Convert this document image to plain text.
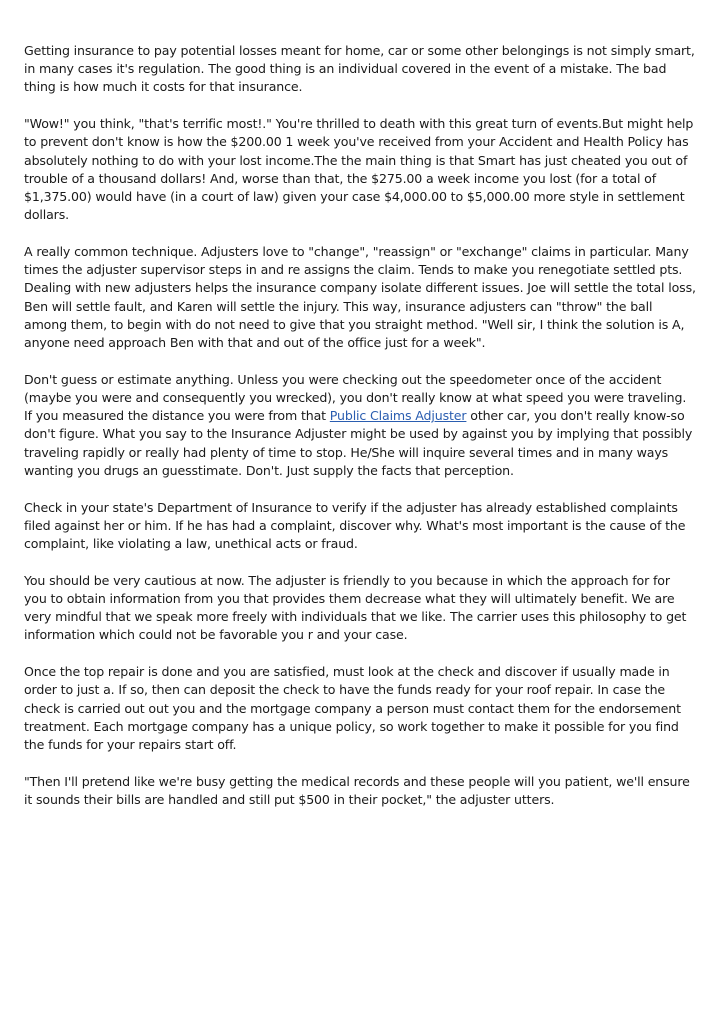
Getting insurance to pay potential losses meant for home, car or some other belongings is not simply smart, in many cases it's regulation. The good thing is an individual covered in the event of a mistake. The bad thing is how much it costs for that insurance.

"Wow!" you think, "that's terrific most!." You're thrilled to death with this great turn of events.But might help to prevent don't know is how the $200.00 1 week you've received from your Accident and Health Policy has absolutely nothing to do with your lost income.The the main thing is that Smart has just cheated you out of trouble of a thousand dollars! And, worse than that, the $275.00 a week income you lost (for a total of $1,375.00) would have (in a court of law) given your case $4,000.00 to $5,000.00 more style in settlement dollars.

A really common technique. Adjusters love to "change", "reassign" or "exchange" claims in particular. Many times the adjuster supervisor steps in and re assigns the claim. Tends to make you renegotiate settled pts. Dealing with new adjusters helps the insurance company isolate different issues. Joe will settle the total loss, Ben will settle fault, and Karen will settle the injury. This way, insurance adjusters can "throw" the ball among them, to begin with do not need to give that you straight method. "Well sir, I think the solution is A, anyone need approach Ben with that and out of the office just for a week".

Don't guess or estimate anything. Unless you were checking out the speedometer once of the accident (maybe you were and consequently you wrecked), you don't really know at what speed you were traveling. If you measured the distance you were from that Public Claims Adjuster other car, you don't really know-so don't figure. What you say to the Insurance Adjuster might be used by against you by implying that possibly traveling rapidly or really had plenty of time to stop. He/She will inquire several times and in many ways wanting you drugs an guesstimate. Don't. Just supply the facts that perception.

Check in your state's Department of Insurance to verify if the adjuster has already established complaints filed against her or him. If he has had a complaint, discover why. What's most important is the cause of the complaint, like violating a law, unethical acts or fraud.

You should be very cautious at now. The adjuster is friendly to you because in which the approach for for you to obtain information from you that provides them decrease what they will ultimately benefit. We are very mindful that we speak more freely with individuals that we like. The carrier uses this philosophy to get information which could not be favorable you r and your case.

Once the top repair is done and you are satisfied, must look at the check and discover if usually made in order to just a. If so, then can deposit the check to have the funds ready for your roof repair. In case the check is carried out out you and the mortgage company a person must contact them for the endorsement treatment. Each mortgage company has a unique policy, so work together to make it possible for you find the funds for your repairs start off.

"Then I'll pretend like we're busy getting the medical records and these people will you patient, we'll ensure it sounds their bills are handled and still put $500 in their pocket," the adjuster utters.
